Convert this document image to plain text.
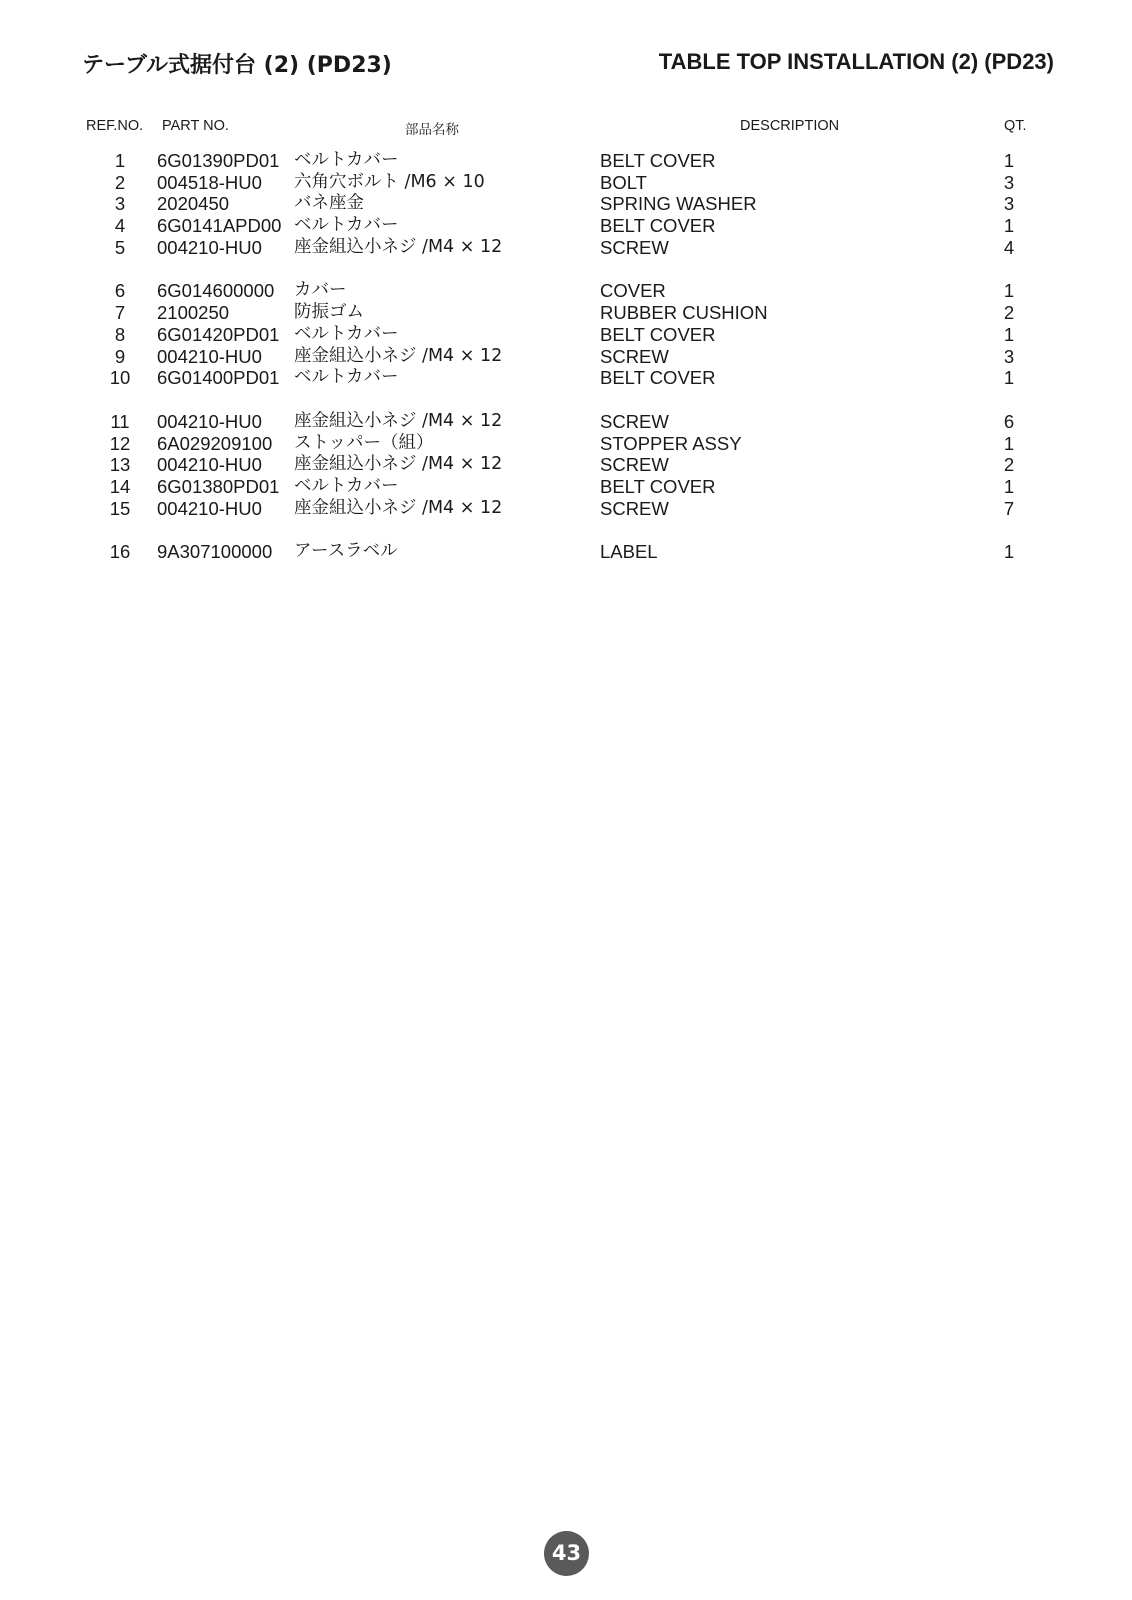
テーブル式据付台 (2) (PD23)	TABLE TOP INSTALLATION (2) (PD23)
REF.NO. PART NO.	部品名称	DESCRIPTION	QT.
1	6G01390PD01 ベルトカバー	BELT COVER	1
2	004518-HU0 六角穴ボルト /M6 × 10	BOLT	3
3	2020450	バネ座金	SPRING WASHER	3
4	6G0141APD00 ベルトカバー	BELT COVER	1
5	004210-HU0 座金組込小ネジ /M4 × 12	SCREW	4
6	6G014600000 カバー	COVER	1
7	2100250	防振ゴム	RUBBER CUSHION	2
8	6G01420PD01 ベルトカバー	BELT COVER	1
9	004210-HU0 座金組込小ネジ /M4 × 12	SCREW	3
10	6G01400PD01 ベルトカバー	BELT COVER	1
11	004210-HU0 座金組込小ネジ /M4 × 12	SCREW	6
12	6A029209100 ストッパー（組）	STOPPER ASSY	1
13	004210-HU0 座金組込小ネジ /M4 × 12	SCREW	2
14	6G01380PD01 ベルトカバー	BELT COVER	1
15	004210-HU0 座金組込小ネジ /M4 × 12	SCREW	7
16	9A307100000 アースラベル	LABEL	1
43
